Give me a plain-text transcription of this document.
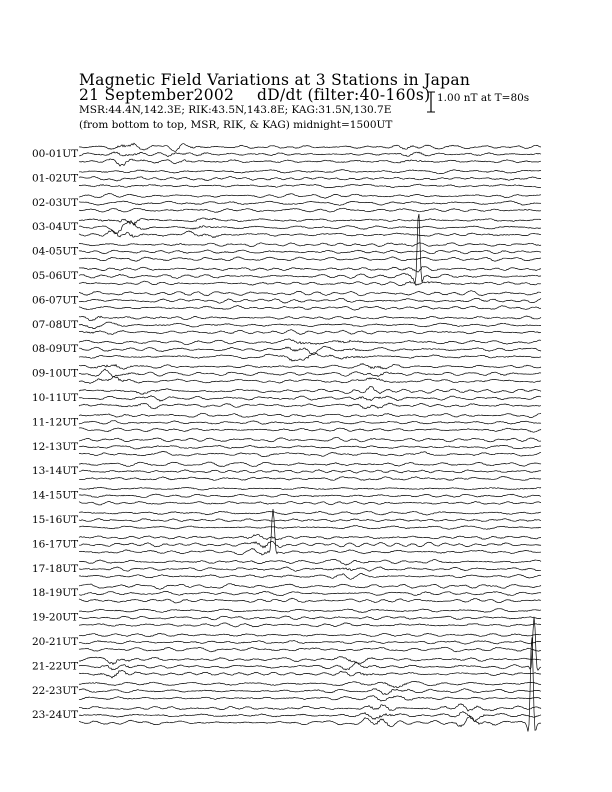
Magnetic Field Variations at 3 Stations in Japan
21 September2002 dD/dt (filter:40-160s)
MSR:44.4N,142.3E; RIK:43.5N,143.8E; KAG:31.5N,130.7E
(from bottom to top, MSR, RIK, & KAG) midnight=1500UT
1.00 nT at T=80s
00-01UT
01-02UT
02-03UT
03-04UT
04-05UT
05-06UT
06-07UT
07-08UT
08-09UT
09-10UT
10-11UT
11-12UT
12-13UT
13-14UT
14-15UT
15-16UT
16-17UT
17-18UT
18-19UT
19-20UT
20-21UT
21-22UT
22-23UT
23-24UT
